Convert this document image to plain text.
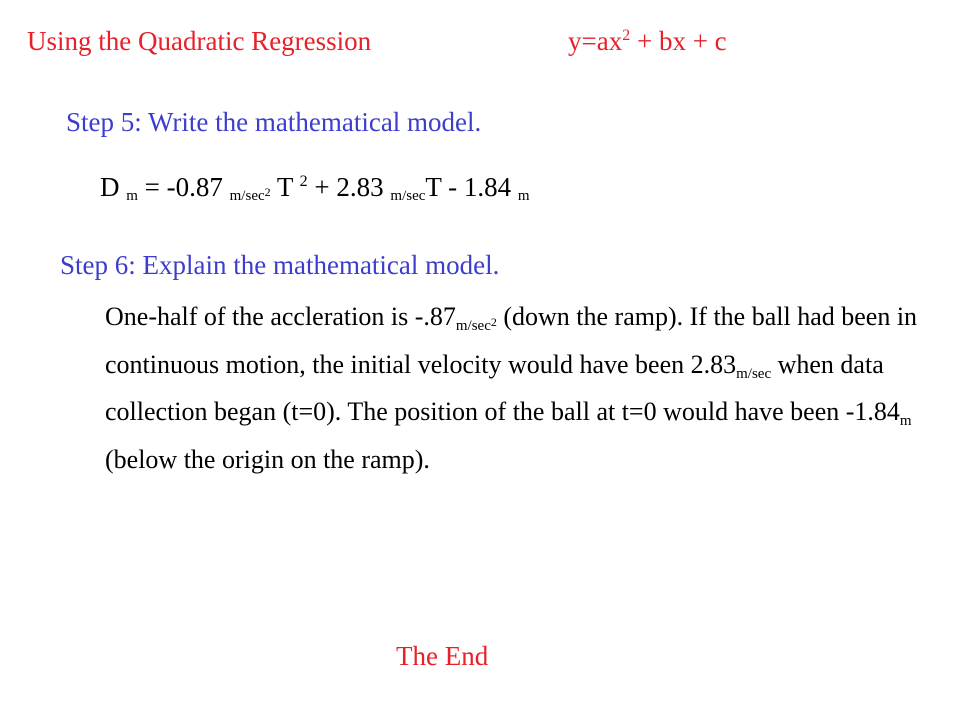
Using the Quadratic Regression	$y=ax^2$ + bx + c
Step 5: Write the mathematical model.
D $_m$ = -0.87 $_{m/sec^2}$ T $^2$ + 2.83 $_{m/sec}$T - 1.84 $_m$
Step 6: Explain the mathematical model.
One-half of the accleration is $-.87_{m/sec^2}$ (down the ramp). If the ball had been in continuous motion, the initial velocity would have been $2.83_{m/sec}$ when data collection began (t=0). The position of the ball at t=0 would have been $-1.84_m$ (below the origin on the ramp).
The End
